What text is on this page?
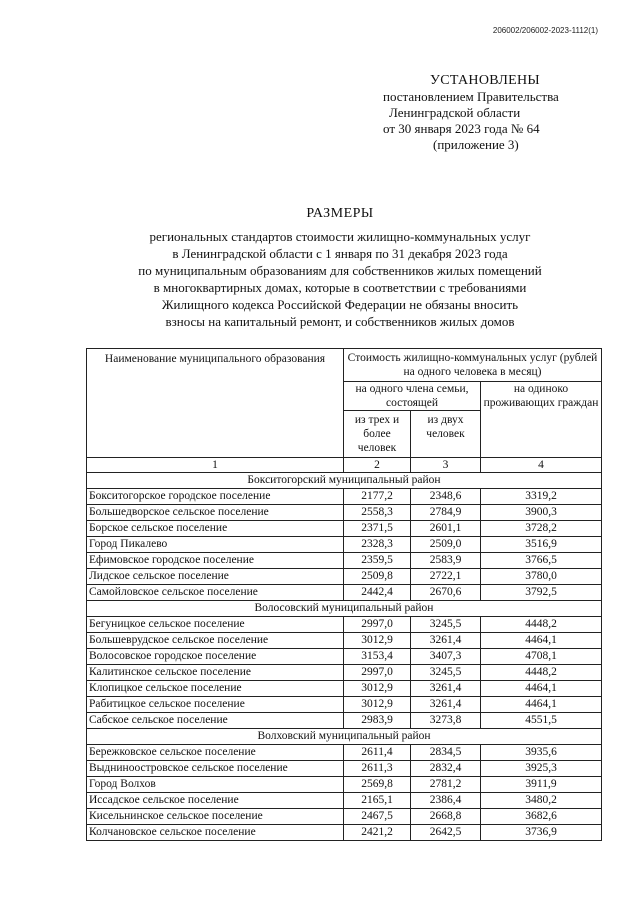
206002/206002-2023-1112(1)
УСТАНОВЛЕНЫ
постановлением Правительства
Ленинградской области
от 30 января 2023 года № 64
(приложение 3)
РАЗМЕРЫ
региональных стандартов стоимости жилищно-коммунальных услуг
в Ленинградской области с 1 января по 31 декабря 2023 года
по муниципальным образованиям для собственников жилых помещений
в многоквартирных домах, которые в соответствии с требованиями
Жилищного кодекса Российской Федерации не обязаны вносить
взносы на капитальный ремонт, и собственников жилых домов
Наименование муниципального образования	Стоимость жилищно-коммунальных услуг (рублей на одного человека в месяц)		
	на одного члена семьи, состоящей		на одиноко проживающих граждан
	из трех и более человек	из двух человек	
1	2	3	4
Бокситогорский муниципальный район			
Бокситогорское городское поселение	2177,2	2348,6	3319,2
Большедворское сельское поселение	2558,3	2784,9	3900,3
Борское сельское поселение	2371,5	2601,1	3728,2
Город Пикалево	2328,3	2509,0	3516,9
Ефимовское городское поселение	2359,5	2583,9	3766,5
Лидское сельское поселение	2509,8	2722,1	3780,0
Самойловское сельское поселение	2442,4	2670,6	3792,5
Волосовский муниципальный район			
Бегуницкое сельское поселение	2997,0	3245,5	4448,2
Большеврудское сельское поселение	3012,9	3261,4	4464,1
Волосовское городское поселение	3153,4	3407,3	4708,1
Калитинское сельское поселение	2997,0	3245,5	4448,2
Клопицкое сельское поселение	3012,9	3261,4	4464,1
Рабитицкое сельское поселение	3012,9	3261,4	4464,1
Сабское сельское поселение	2983,9	3273,8	4551,5
Волховский муниципальный район			
Бережковское сельское поселение	2611,4	2834,5	3935,6
Выдниноостровское сельское поселение	2611,3	2832,4	3925,3
Город Волхов	2569,8	2781,2	3911,9
Иссадское сельское поселение	2165,1	2386,4	3480,2
Кисельнинское сельское поселение	2467,5	2668,8	3682,6
Колчановское сельское поселение	2421,2	2642,5	3736,9
